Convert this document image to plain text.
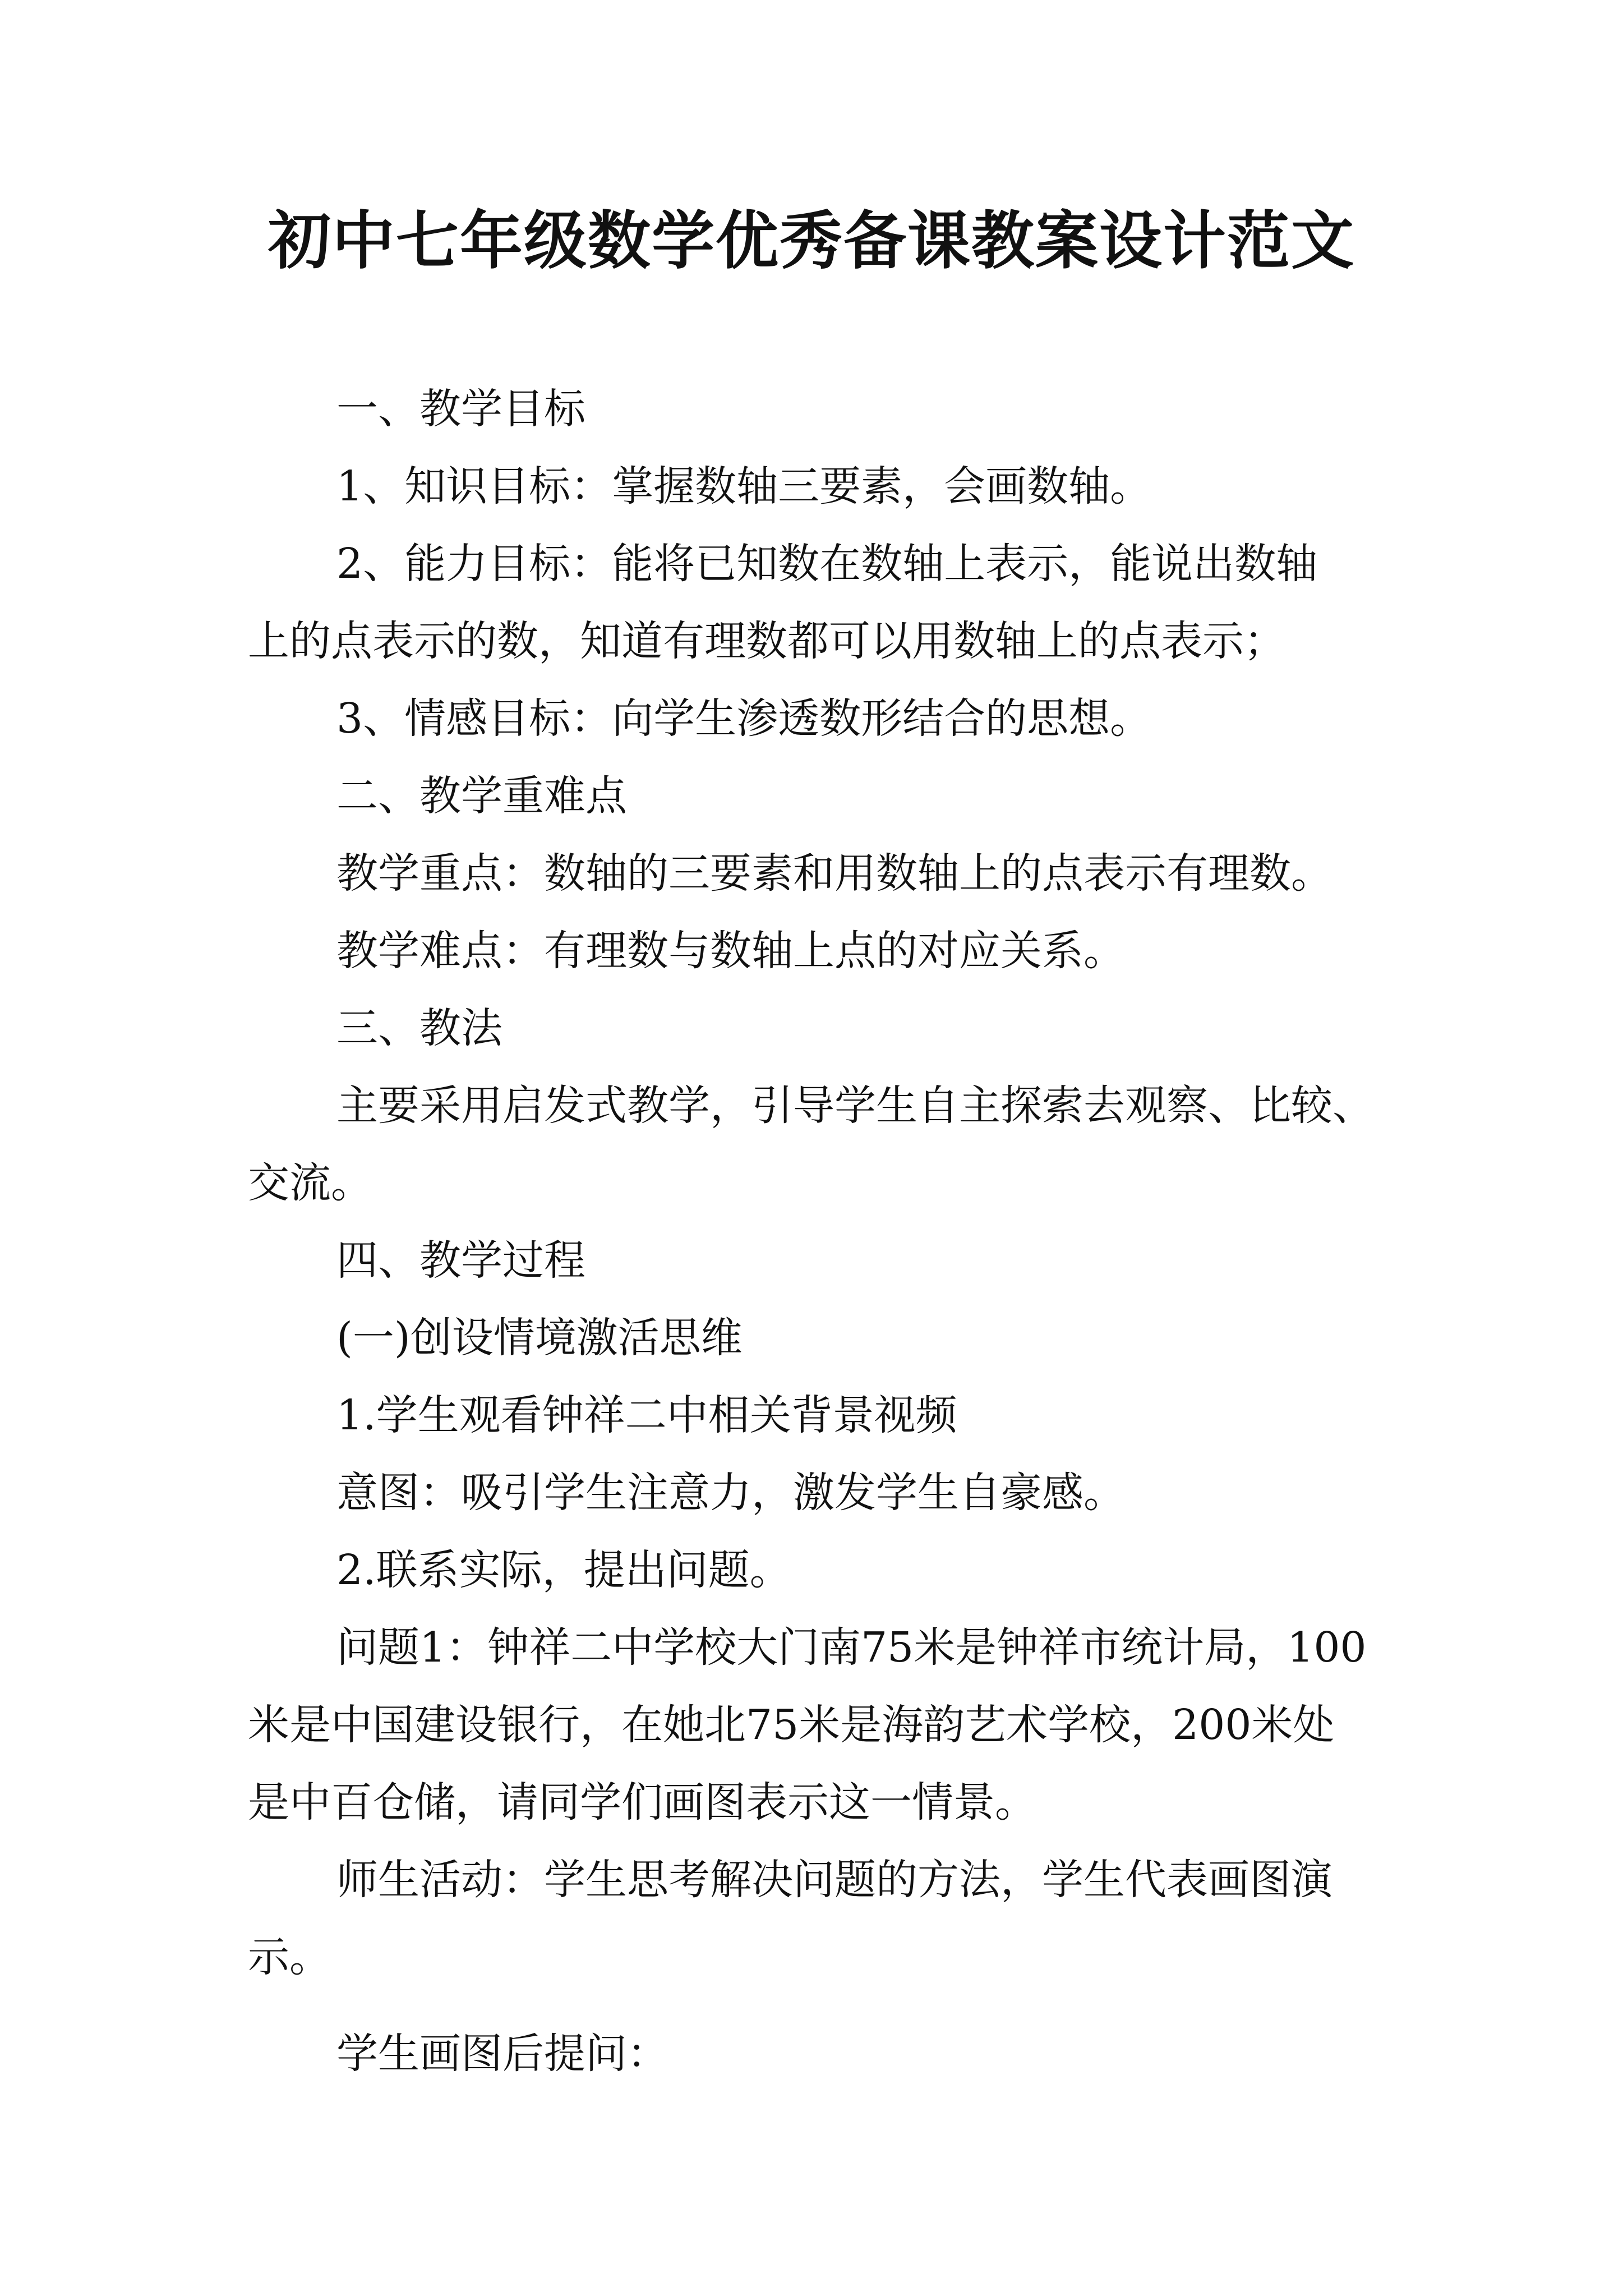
初中七年级数学优秀备课教案设计范文
一、教学目标
1、知识目标：掌握数轴三要素，会画数轴。
2、能力目标：能将已知数在数轴上表示，能说出数轴
上的点表示的数，知道有理数都可以用数轴上的点表示；
3、情感目标：向学生渗透数形结合的思想。
二、教学重难点
教学重点：数轴的三要素和用数轴上的点表示有理数。
教学难点：有理数与数轴上点的对应关系。
三、教法
主要采用启发式教学，引导学生自主探索去观察、比较、
交流。
四、教学过程
(一)创设情境激活思维
1.学生观看钟祥二中相关背景视频
意图：吸引学生注意力，激发学生自豪感。
2.联系实际，提出问题。
问题1：钟祥二中学校大门南75米是钟祥市统计局，100
米是中国建设银行，在她北75米是海韵艺术学校，200米处
是中百仓储，请同学们画图表示这一情景。
师生活动：学生思考解决问题的方法，学生代表画图演
示。
学生画图后提问：
